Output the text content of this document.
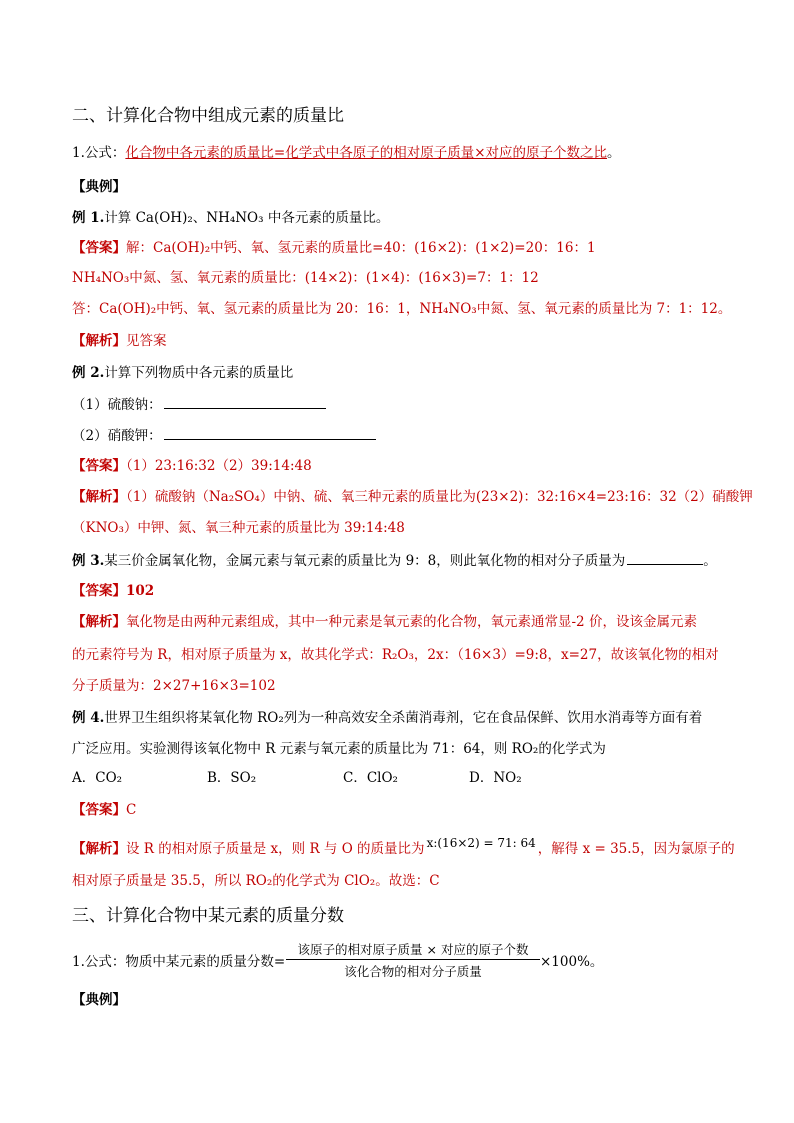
二、计算化合物中组成元素的质量比
1.公式：化合物中各元素的质量比=化学式中各原子的相对原子质量×对应的原子个数之比。
【典例】
例 1.计算 Ca(OH)₂、NH₄NO₃ 中各元素的质量比。
【答案】解：Ca(OH)₂中钙、氧、氢元素的质量比=40：(16×2)：(1×2)=20：16：1
NH₄NO₃中氮、氢、氧元素的质量比：(14×2)：(1×4)：(16×3)=7：1：12
答：Ca(OH)₂中钙、氧、氢元素的质量比为 20：16：1，NH₄NO₃中氮、氢、氧元素的质量比为 7：1：12。
【解析】见答案
例 2.计算下列物质中各元素的质量比
（1）硫酸钠：
（2）硝酸钾：
【答案】（1）23:16:32（2）39:14:48
【解析】（1）硫酸钠（Na₂SO₄）中钠、硫、氧三种元素的质量比为(23×2)：32:16×4=23:16：32（2）硝酸钾
（KNO₃）中钾、氮、氧三种元素的质量比为 39:14:48
例 3.某三价金属氧化物，金属元素与氧元素的质量比为 9：8，则此氧化物的相对分子质量为	。
【答案】102
【解析】氧化物是由两种元素组成，其中一种元素是氧元素的化合物，氧元素通常显-2 价，设该金属元素
的元素符号为 R，相对原子质量为 x，故其化学式：R₂O₃，2x：（16×3）=9:8，x=27，故该氧化物的相对
分子质量为：2×27+16×3=102
例 4.世界卫生组织将某氧化物 RO₂列为一种高效安全杀菌消毒剂，它在食品保鲜、饮用水消毒等方面有着
广泛应用。实验测得该氧化物中 R 元素与氧元素的质量比为 71：64，则 RO₂的化学式为
A．CO₂	B．SO₂	C．ClO₂	D．NO₂
【答案】C
【解析】设 R 的相对原子质量是 x，则 R 与 O 的质量比为 x:(16×2) = 71: 64 ，解得 x = 35.5，因为氯原子的
相对原子质量是 35.5，所以 RO₂的化学式为 ClO₂。故选：C
三、计算化合物中某元素的质量分数
1.公式：物质中某元素的质量分数=
该原子的相对原子质量 × 对应的原子个数
该化合物的相对分子质量
×100%。
【典例】
